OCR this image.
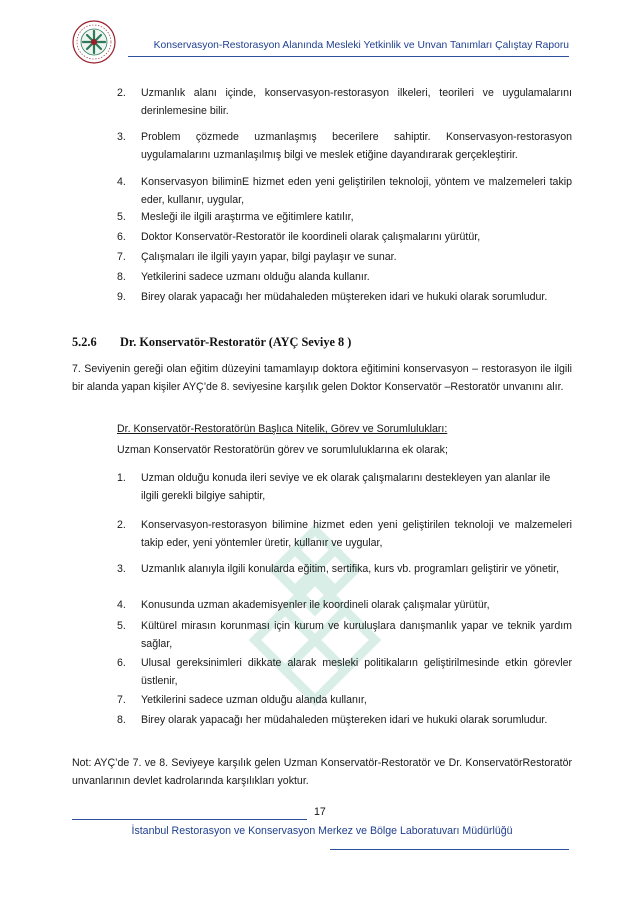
Konservasyon-Restorasyon Alanında Mesleki Yetkinlik ve Unvan Tanımları Çalıştay Raporu
2.	Uzmanlık alanı içinde, konservasyon-restorasyon ilkeleri, teorileri ve uygulamalarını derinlemesine bilir.
3.	Problem çözmede uzmanlaşmış becerilere sahiptir. Konservasyon-restorasyon uygulamalarını uzmanlaşılmış bilgi ve meslek etiğine dayandırarak gerçekleştirir.
4.	Konservasyon biliminE hizmet eden yeni geliştirilen teknoloji, yöntem ve malzemeleri takip eder, kullanır, uygular,
5.	Mesleği ile ilgili araştırma ve eğitimlere katılır,
6.	Doktor Konservatör-Restoratör ile koordineli olarak çalışmalarını yürütür,
7.	Çalışmaları ile ilgili yayın yapar, bilgi paylaşır ve sunar.
8.	Yetkilerini sadece uzmanı olduğu alanda kullanır.
9.	Birey olarak yapacağı her müdahaleden müştereken idari ve hukuki olarak sorumludur.
5.2.6 Dr. Konservatör-Restoratör (AYÇ Seviye 8 )
7. Seviyenin gereği olan eğitim düzeyini tamamlayıp doktora eğitimini konservasyon – restorasyon ile ilgili bir alanda yapan kişiler AYÇ’de 8. seviyesine karşılık gelen Doktor Konservatör –Restoratör unvanını alır.
Dr. Konservatör-Restoratörün Başlıca Nitelik, Görev ve Sorumlulukları:
Uzman Konservatör Restoratörün görev ve sorumluluklarına ek olarak;
1.	Uzman olduğu konuda ileri seviye ve ek olarak çalışmalarını destekleyen yan alanlar ile ilgili gerekli bilgiye sahiptir,
2.	Konservasyon-restorasyon bilimine hizmet eden yeni geliştirilen teknoloji ve malzemeleri takip eder, yeni yöntemler üretir, kullanır ve uygular,
3.	Uzmanlık alanıyla ilgili konularda eğitim, sertifika, kurs vb. programları geliştirir ve yönetir,
4.	Konusunda uzman akademisyenler ile koordineli olarak çalışmalar yürütür,
5.	Kültürel mirasın korunması için kurum ve kuruluşlara danışmanlık yapar ve teknik yardım sağlar,
6.	Ulusal gereksinimleri dikkate alarak mesleki politikaların geliştirilmesinde etkin görevler üstlenir,
7.	Yetkilerini sadece uzman olduğu alanda kullanır,
8.	Birey olarak yapacağı her müdahaleden müştereken idari ve hukuki olarak sorumludur.
Not: AYÇ’de 7. ve 8. Seviyeye karşılık gelen Uzman Konservatör-Restoratör ve Dr. KonservatörRestoratör unvanlarının devlet kadrolarında karşılıkları yoktur.
17
İstanbul Restorasyon ve Konservasyon Merkez ve Bölge Laboratuvarı Müdürlüğü
